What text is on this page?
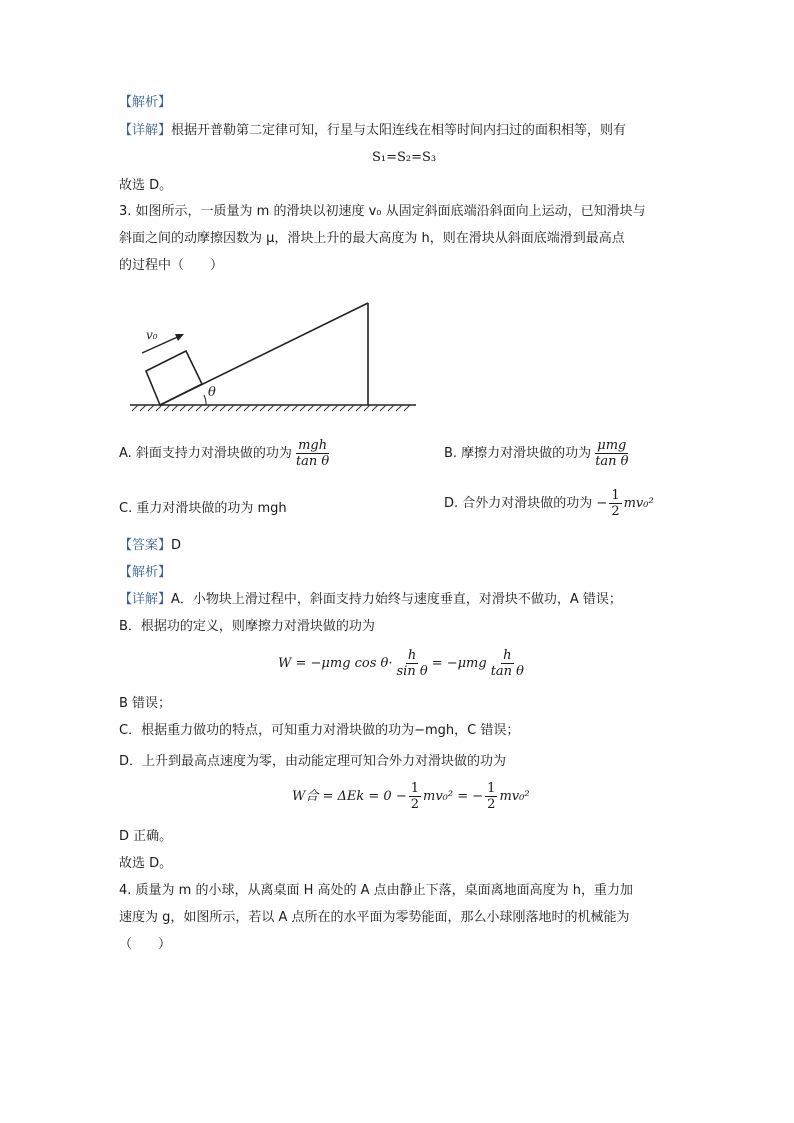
【解析】
【详解】根据开普勒第二定律可知，行星与太阳连线在相等时间内扫过的面积相等，则有
S₁=S₂=S₃
故选 D。
3. 如图所示，一质量为 m 的滑块以初速度 v₀ 从固定斜面底端沿斜面向上运动，已知滑块与
斜面之间的动摩擦因数为 μ，滑块上升的最大高度为 h，则在滑块从斜面底端滑到最高点
的过程中（　　）
v₀
θ
A. 斜面支持力对滑块做的功为 $\frac{\text{mgh}}{\text{tan θ}}$	B. 摩擦力对滑块做的功为 $\frac{\text{μmg}}{\text{tan θ}}$
C. 重力对滑块做的功为 mgh	D. 合外力对滑块做的功为 − $\frac{1}{2} mv_0^2$
【答案】D
【解析】
【详解】A．小物块上滑过程中，斜面支持力始终与速度垂直，对滑块不做功，A 错误；
B．根据功的定义，则摩擦力对滑块做的功为
W = −μmg $\cos \theta\cdot \frac{h}{\text{sin θ}} = -\mu mg \frac{h}{\text{tan θ}}$
B 错误；
C．根据重力做功的特点，可知重力对滑块做的功为−mgh，C 错误；
D．上升到最高点速度为零，由动能定理可知合外力对滑块做的功为
W合 = $\Delta Ek = 0 - \frac{1}{2} mv_0^2$ = − $\frac{1}{2} mv_0^2$
D 正确。
故选 D。
4. 质量为 m 的小球，从离桌面 H 高处的 A 点由静止下落，桌面离地面高度为 h，重力加
速度为 g，如图所示，若以 A 点所在的水平面为零势能面，那么小球刚落地时的机械能为
（　　）
